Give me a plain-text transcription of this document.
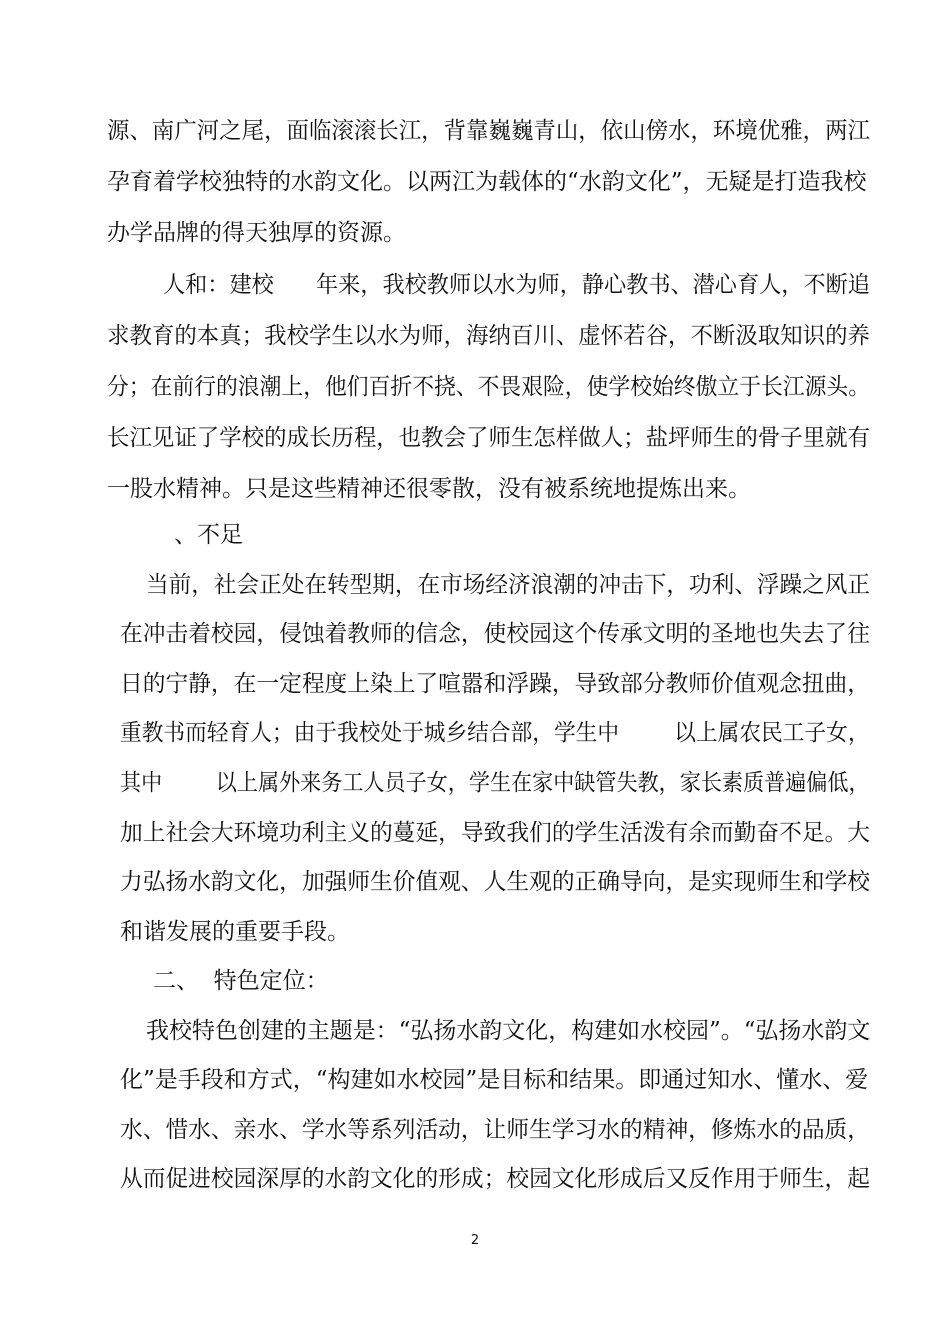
源、南广河之尾，面临滚滚长江，背靠巍巍青山，依山傍水，环境优雅，两江

孕育着学校独特的水韵文化。以两江为载体的“水韵文化”，无疑是打造我校

办学品牌的得天独厚的资源。

人和：建校      年来，我校教师以水为师，静心教书、潜心育人，不断追

求教育的本真；我校学生以水为师，海纳百川、虚怀若谷，不断汲取知识的养

分；在前行的浪潮上，他们百折不挠、不畏艰险，使学校始终傲立于长江源头。

长江见证了学校的成长历程，也教会了师生怎样做人；盐坪师生的骨子里就有

一股水精神。只是这些精神还很零散，没有被系统地提炼出来。

、不足

当前，社会正处在转型期，在市场经济浪潮的冲击下，功利、浮躁之风正

在冲击着校园，侵蚀着教师的信念，使校园这个传承文明的圣地也失去了往

日的宁静，在一定程度上染上了喧嚣和浮躁，导致部分教师价值观念扭曲，

重教书而轻育人；由于我校处于城乡结合部，学生中        以上属农民工子女，

其中        以上属外来务工人员子女，学生在家中缺管失教，家长素质普遍偏低，

加上社会大环境功利主义的蔓延，导致我们的学生活泼有余而勤奋不足。大

力弘扬水韵文化，加强师生价值观、人生观的正确导向，是实现师生和学校

和谐发展的重要手段。

二、  特色定位：

我校特色创建的主题是：“弘扬水韵文化，构建如水校园”。“弘扬水韵文

化”是手段和方式，“构建如水校园”是目标和结果。即通过知水、懂水、爱

水、惜水、亲水、学水等系列活动，让师生学习水的精神，修炼水的品质，

从而促进校园深厚的水韵文化的形成；校园文化形成后又反作用于师生，起

2
